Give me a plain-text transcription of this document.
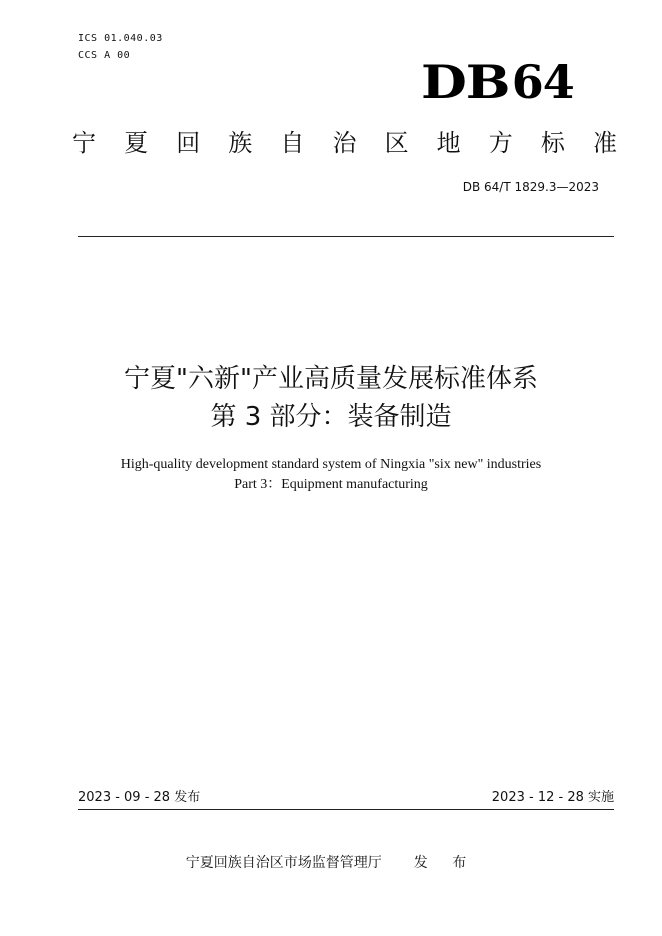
ICS 01.040.03
CCS A 00	DB64
宁 夏 回 族 自 治 区 地 方 标 准
DB 64/T 1829.3—2023
宁夏"六新"产业高质量发展标准体系
第 3 部分：装备制造
High-quality development standard system of Ningxia "six new" industries
Part 3：Equipment manufacturing
2023 - 09 - 28 发布	2023 - 12 - 28 实施
宁夏回族自治区市场监督管理厅 发 布
